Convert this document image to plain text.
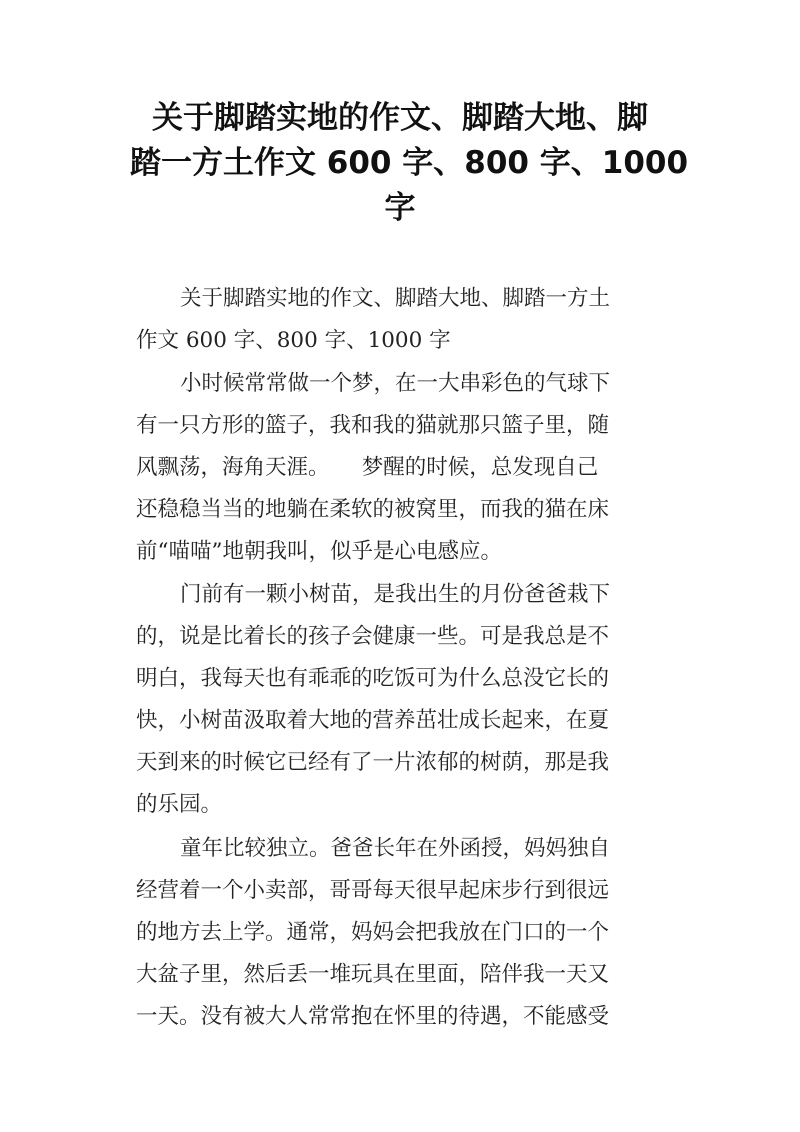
关于脚踏实地的作文、脚踏大地、脚
踏一方土作文 600 字、800 字、1000
字
关于脚踏实地的作文、脚踏大地、脚踏一方土
作文 600 字、800 字、1000 字
小时候常常做一个梦，在一大串彩色的气球下
有一只方形的篮子，我和我的猫就那只篮子里，随
风飘荡，海角天涯。　　梦醒的时候，总发现自己
还稳稳当当的地躺在柔软的被窝里，而我的猫在床
前“喵喵”地朝我叫，似乎是心电感应。
门前有一颗小树苗，是我出生的月份爸爸栽下
的，说是比着长的孩子会健康一些。可是我总是不
明白，我每天也有乖乖的吃饭可为什么总没它长的
快，小树苗汲取着大地的营养茁壮成长起来，在夏
天到来的时候它已经有了一片浓郁的树荫，那是我
的乐园。
童年比较独立。爸爸长年在外函授，妈妈独自
经营着一个小卖部，哥哥每天很早起床步行到很远
的地方去上学。通常，妈妈会把我放在门口的一个
大盆子里，然后丢一堆玩具在里面，陪伴我一天又
一天。没有被大人常常抱在怀里的待遇，不能感受
